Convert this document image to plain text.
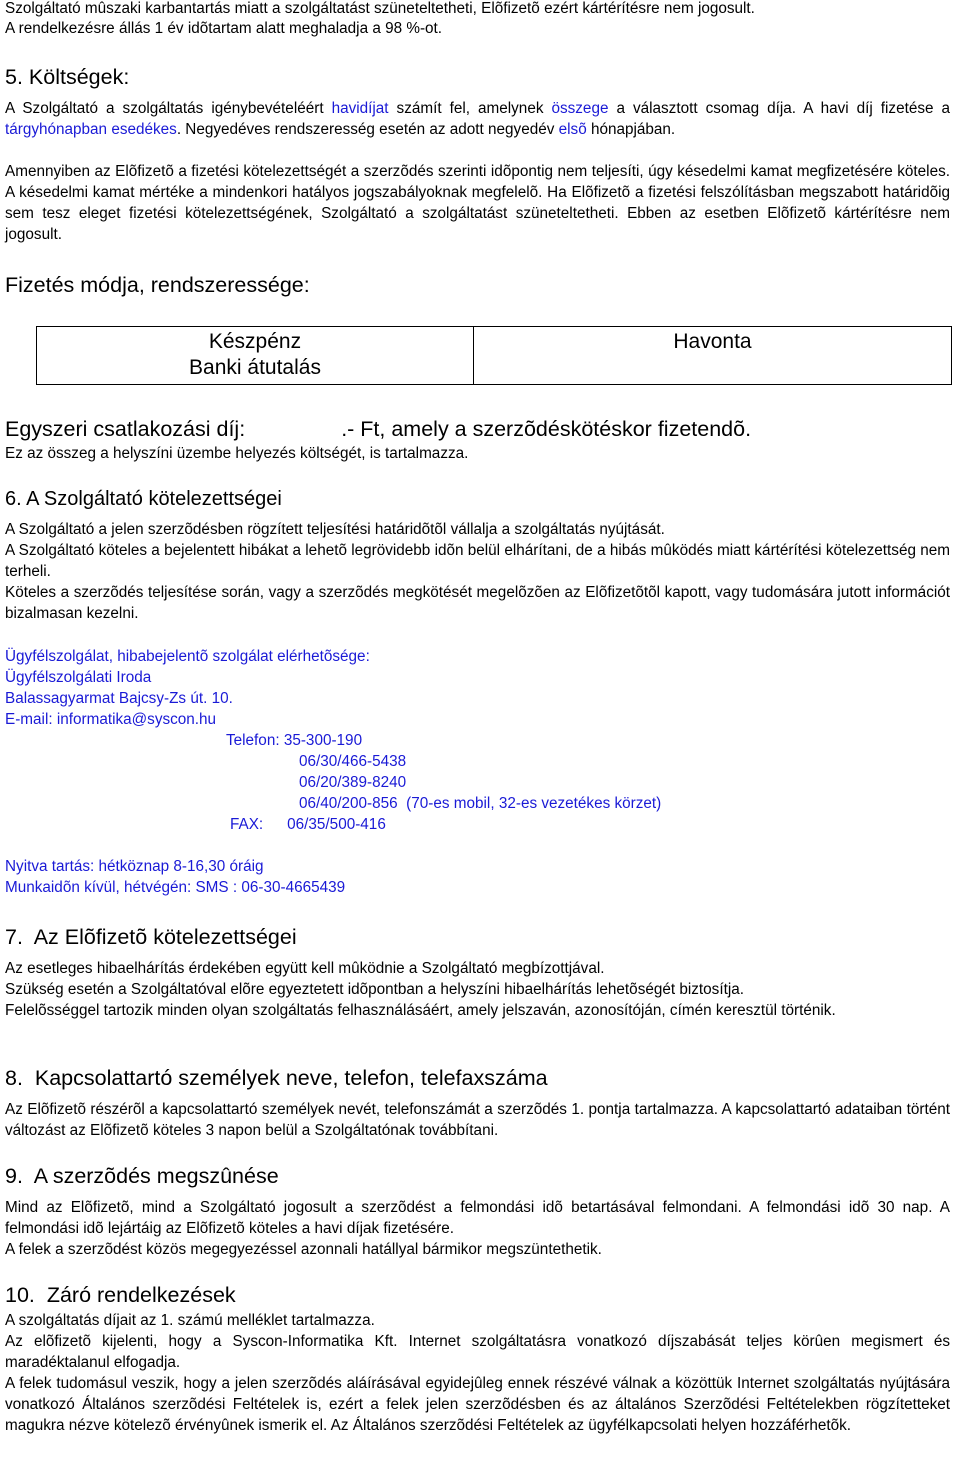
Szolgáltató mûszaki karbantartás miatt a szolgáltatást szüneteltetheti, Elõfizetõ ezért kártérítésre nem jogosult.

A rendelkezésre állás 1 év idõtartam alatt meghaladja a 98 %-ot.

5. Költségek:

A Szolgáltató a szolgáltatás igénybevételéért havidíjat számít fel, amelynek összege a választott csomag díja. A havi díj fizetése a tárgyhónapban esedékes. Negyedéves rendszeresség esetén az adott negyedév elsõ hónapjában.

Amennyiben az Elõfizetõ a fizetési kötelezettségét a szerzõdés szerinti idõpontig nem teljesíti, úgy késedelmi kamat megfizetésére köteles. A késedelmi kamat mértéke a mindenkori hatályos jogszabályoknak megfelelõ. Ha Elõfizetõ a fizetési felszólításban megszabott határidõig sem tesz eleget fizetési kötelezettségének, Szolgáltató a szolgáltatást szüneteltetheti. Ebben az esetben Elõfizetõ kártérítésre nem jogosult.

Fizetés módja, rendszeressége:
Készpénz
Banki átutalás
	Havonta
Egyszeri csatlakozási díj:	.- Ft, amely a szerzõdéskötéskor fizetendõ.

Ez az összeg a helyszíni üzembe helyezés költségét, is tartalmazza.

6. A Szolgáltató kötelezettségei

A Szolgáltató a jelen szerzõdésben rögzített teljesítési határidõtõl vállalja a szolgáltatás nyújtását.

A Szolgáltató köteles a bejelentett hibákat a lehetõ legrövidebb idõn belül elhárítani, de a hibás mûködés miatt kártérítési kötelezettség nem terheli.

Köteles a szerzõdés teljesítése során, vagy a szerzõdés megkötését megelõzõen az Elõfizetõtõl kapott, vagy tudomására jutott információt bizalmasan kezelni.

Ügyfélszolgálat, hibabejelentõ szolgálat elérhetõsége:

Ügyfélszolgálati Iroda

Balassagyarmat Bajcsy-Zs út. 10.

E-mail: informatika@syscon.hu

Telefon: 35-300-190

06/30/466-5438

06/20/389-8240

06/40/200-856  (70-es mobil, 32-es vezetékes körzet)

FAX: 06/35/500-416

Nyitva tartás: hétköznap 8-16,30 óráig

Munkaidõn kívül, hétvégén: SMS : 06-30-4665439

7.  Az Elõfizetõ kötelezettségei

Az esetleges hibaelhárítás érdekében együtt kell mûködnie a Szolgáltató megbízottjával.

Szükség esetén a Szolgáltatóval elõre egyeztetett idõpontban a helyszíni hibaelhárítás lehetõségét biztosítja.

Felelõsséggel tartozik minden olyan szolgáltatás felhasználásáért, amely jelszaván, azonosítóján, címén keresztül történik.

8.  Kapcsolattartó személyek neve, telefon, telefaxszáma

Az Elõfizetõ részérõl a kapcsolattartó személyek nevét, telefonszámát a szerzõdés 1. pontja tartalmazza. A kapcsolattartó adataiban történt változást az Elõfizetõ köteles 3 napon belül a Szolgáltatónak továbbítani.

9.  A szerzõdés megszûnése

Mind az Elõfizetõ, mind a Szolgáltató jogosult a szerzõdést a felmondási idõ betartásával felmondani. A felmondási idõ 30 nap. A felmondási idõ lejártáig az Elõfizetõ köteles a havi díjak fizetésére.

A felek a szerzõdést közös megegyezéssel azonnali hatállyal bármikor megszüntethetik.

10.  Záró rendelkezések

A szolgáltatás díjait az 1. számú melléklet tartalmazza.

Az elõfizetõ kijelenti, hogy a Syscon-Informatika Kft. Internet szolgáltatásra vonatkozó díjszabását teljes körûen megismert és maradéktalanul elfogadja.

A felek tudomásul veszik, hogy a jelen szerzõdés aláírásával egyidejûleg ennek részévé válnak a közöttük Internet szolgáltatás nyújtására vonatkozó Általános szerzõdési Feltételek is, ezért a felek jelen szerzõdésben és az általános Szerzõdési Feltételekben rögzítetteket magukra nézve kötelezõ érvényûnek ismerik el. Az Általános szerzõdési Feltételek az ügyfélkapcsolati helyen hozzáférhetõk.
